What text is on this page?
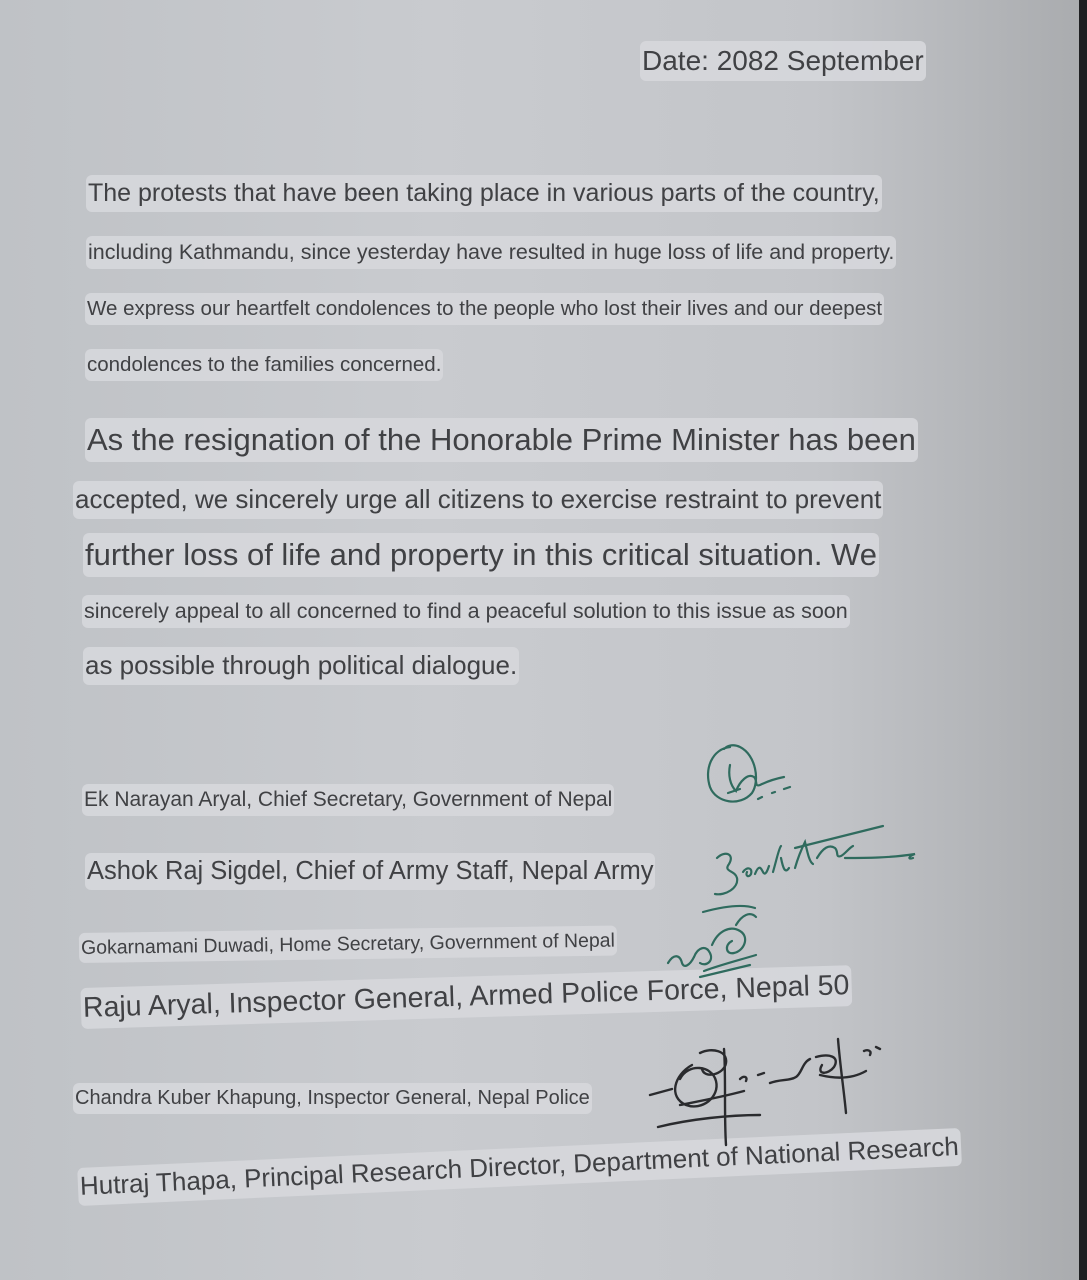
Date: 2082 September
The protests that have been taking place in various parts of the country,
including Kathmandu, since yesterday have resulted in huge loss of life and property.
We express our heartfelt condolences to the people who lost their lives and our deepest
condolences to the families concerned.
As the resignation of the Honorable Prime Minister has been
accepted, we sincerely urge all citizens to exercise restraint to prevent
further loss of life and property in this critical situation. We
sincerely appeal to all concerned to find a peaceful solution to this issue as soon
as possible through political dialogue.
Ek Narayan Aryal, Chief Secretary, Government of Nepal
Ashok Raj Sigdel, Chief of Army Staff, Nepal Army
Gokarnamani Duwadi, Home Secretary, Government of Nepal
Raju Aryal, Inspector General, Armed Police Force, Nepal 50
Chandra Kuber Khapung, Inspector General, Nepal Police
Hutraj Thapa, Principal Research Director, Department of National Research
